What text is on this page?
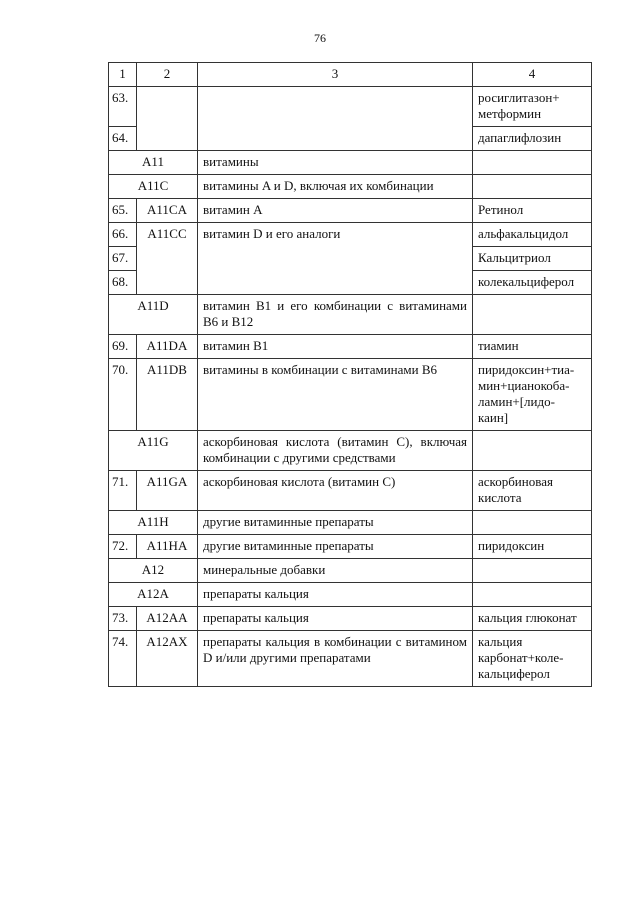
76
1	2	3	4
63.			росиглитазон+ метформин
64.			дапаглифлозин
A11		витамины	
A11C		витамины A и D, включая их комбинации	
65.	A11CA	витамин A	Ретинол
66.	A11CC	витамин D и его аналоги	альфакальцидол
67.			Кальцитриол
68.			колекальциферол
A11D		витамин B1 и его комбинации с витаминами B6 и B12	
69.	A11DA	витамин B1	тиамин
70.	A11DB	витамины в комбинации с витаминами B6	пиридоксин+тиа- мин+цианокоба- ламин+[лидо- каин]
A11G		аскорбиновая кислота (витамин C), включая комбинации с другими средствами	
71.	A11GA	аскорбиновая кислота (витамин C)	аскорбиновая кислота
A11H		другие витаминные препараты	
72.	A11HA	другие витаминные препараты	пиридоксин
A12		минеральные добавки	
A12A		препараты кальция	
73.	A12AA	препараты кальция	кальция глюконат
74.	A12AX	препараты кальция в комбинации с витамином D и/или другими препаратами	кальция карбонат+коле- кальциферол
